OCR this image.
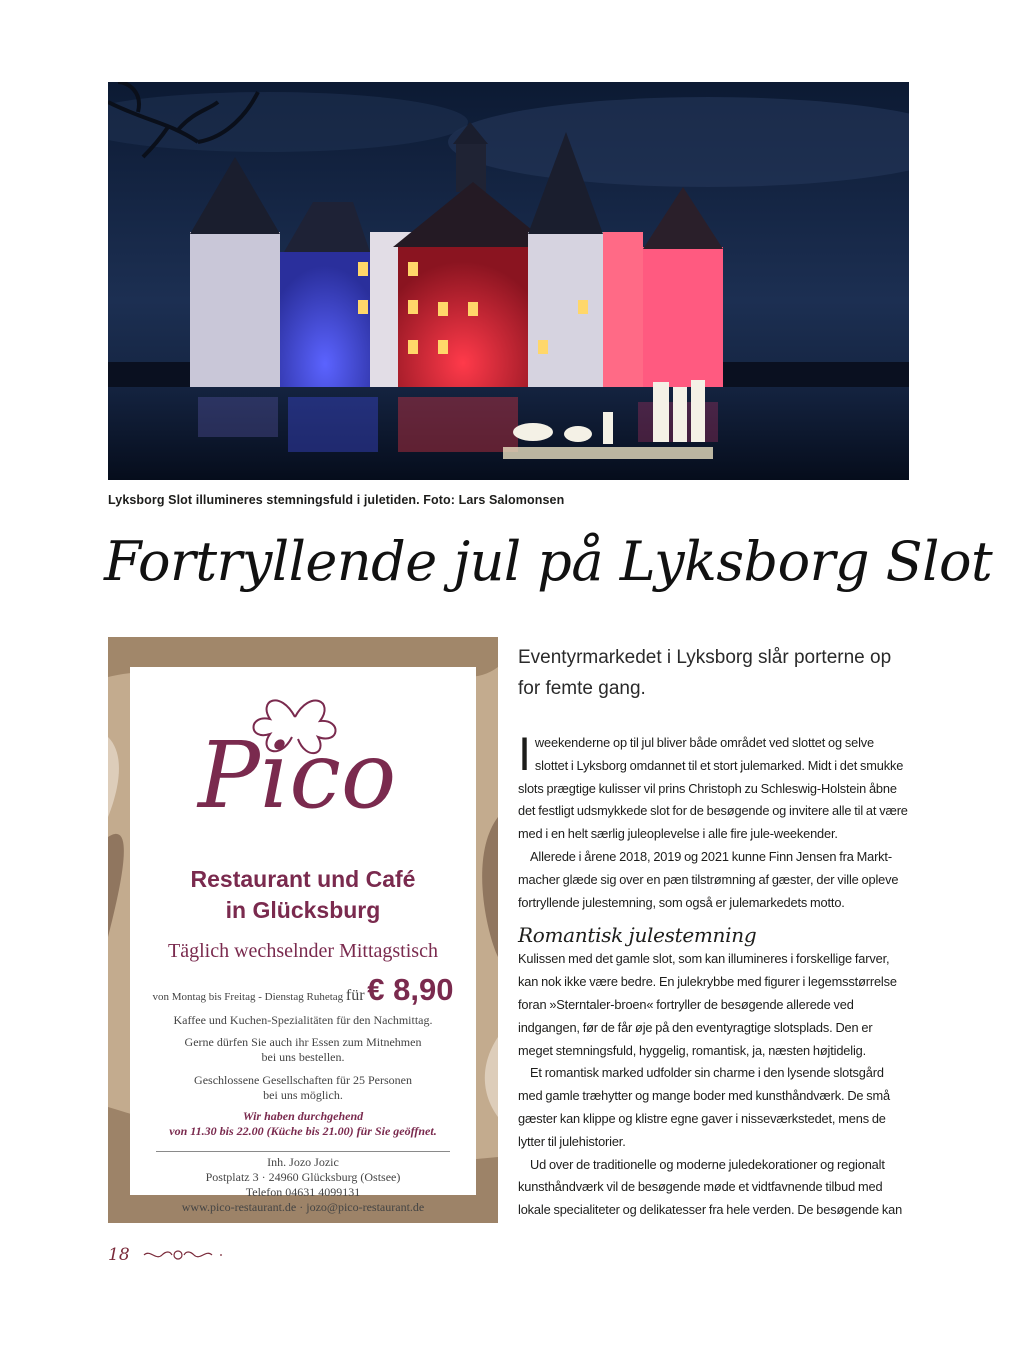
Lyksborg Slot illumineres stemningsfuld i juletiden. Foto: Lars Salomonsen
Fortryllende jul på Lyksborg Slot
Pico
Restaurant und Café
in Glücksburg
Täglich wechselnder Mittagstisch
von Montag bis Freitag - Dienstag Ruhetag für € 8,90
Kaffee und Kuchen-Spezialitäten für den Nachmittag.
Gerne dürfen Sie auch ihr Essen zum Mitnehmen
bei uns bestellen.
Geschlossene Gesellschaften für 25 Personen
bei uns möglich.
Wir haben durchgehend
von 11.30 bis 22.00 (Küche bis 21.00) für Sie geöffnet.
Inh. Jozo Jozic
Postplatz 3 · 24960 Glücksburg (Ostsee)
Telefon 04631 4099131
www.pico-restaurant.de · jozo@pico-restaurant.de
Eventyrmarkedet i Lyksborg slår porterne op for femte gang.

I weekenderne op til jul bliver både området ved slottet og selve slottet i Lyksborg omdannet til et stort julemarked. Midt i det smukke slots prægtige kulisser vil prins Christoph zu Schleswig-Holstein åbne det festligt udsmykkede slot for de besøgende og invitere alle til at være med i en helt særlig juleoplevelse i alle fire jule-weekender.

Allerede i årene 2018, 2019 og 2021 kunne Finn Jensen fra Markt-macher glæde sig over en pæn tilstrømning af gæster, der ville opleve fortryllende julestemning, som også er julemarkedets motto.

Romantisk julestemning

Kulissen med det gamle slot, som kan illumineres i forskellige farver, kan nok ikke være bedre. En julekrybbe med figurer i legemsstørrelse foran »Sterntaler-broen« fortryller de besøgende allerede ved indgangen, før de får øje på den eventyragtige slotsplads. Den er meget stemningsfuld, hyggelig, romantisk, ja, næsten højtidelig.

Et romantisk marked udfolder sin charme i den lysende slotsgård med gamle træhytter og mange boder med kunsthåndværk. De små gæster kan klippe og klistre egne gaver i nisseværkstedet, mens de lytter til julehistorier.

Ud over de traditionelle og moderne juledekorationer og regionalt kunsthåndværk vil de besøgende møde et vidtfavnende tilbud med lokale specialiteter og delikatesser fra hele verden. De besøgende kan

18
